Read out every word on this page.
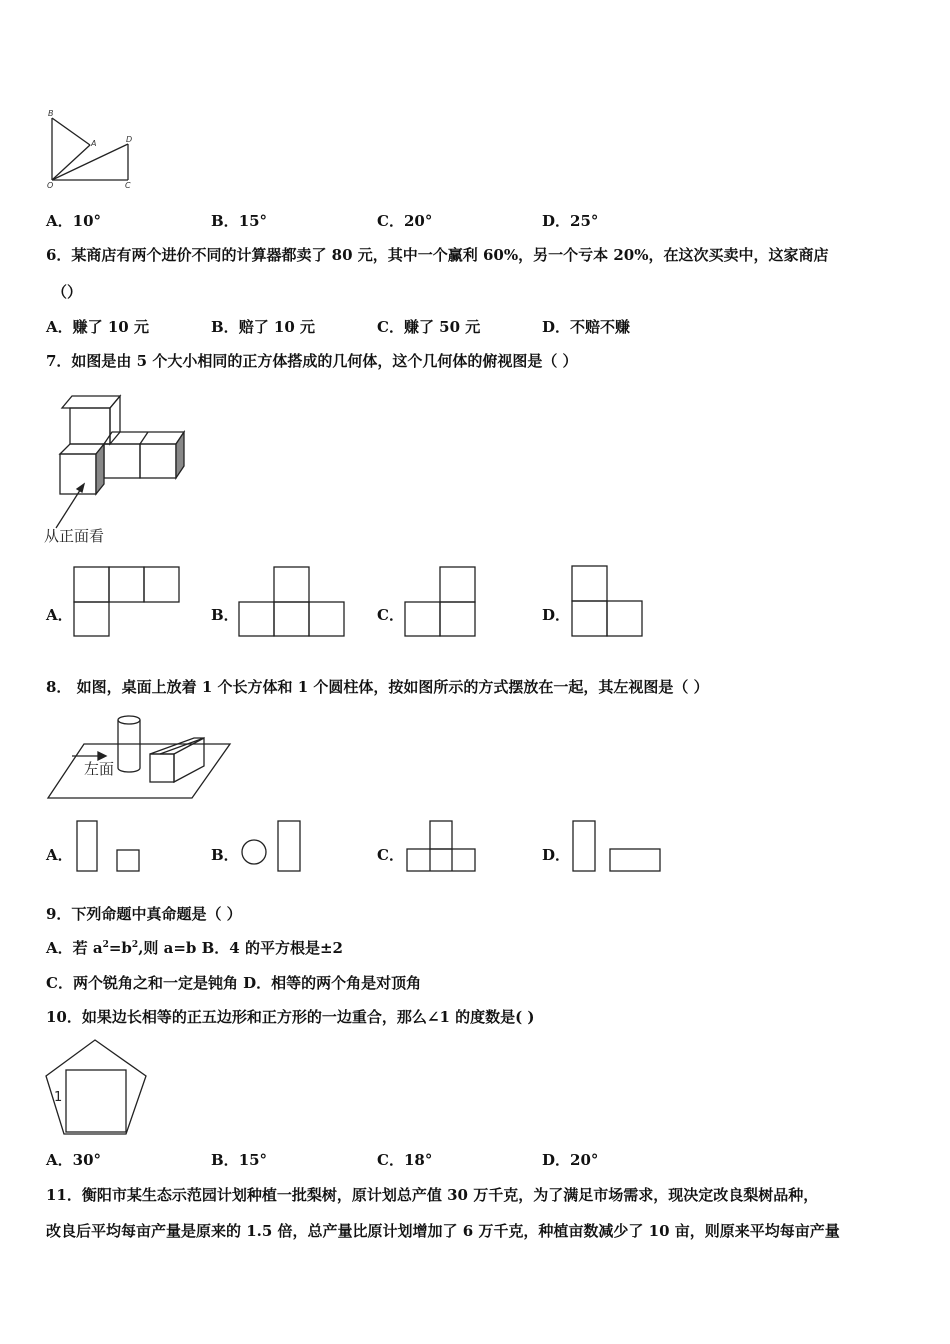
B
A	D
O	C
A．10°	B．15°	C．20°	D．25°
6．某商店有两个进价不同的计算器都卖了 80 元，其中一个赢利 60%，另一个亏本 20%，在这次买卖中，这家商店
（）
A．赚了 10 元	B．赔了 10 元	C．赚了 50 元	D．不赔不赚
7．如图是由 5 个大小相同的正方体搭成的几何体，这个几何体的俯视图是（ ）
从正面看
A．	B．	C．	D．
8． 如图，桌面上放着 1 个长方体和 1 个圆柱体，按如图所示的方式摆放在一起，其左视图是（ ）
左面
A．	B．	C．	D．
9．下列命题中真命题是（ ）
A．若 $a^2=b^2$,则 a=b B．4 的平方根是±2
C．两个锐角之和一定是钝角 D．相等的两个角是对顶角
10．如果边长相等的正五边形和正方形的一边重合，那么∠1 的度数是( )
1
A．30°	B．15°	C．18°	D．20°
11．衡阳市某生态示范园计划种植一批梨树，原计划总产值 30 万千克，为了满足市场需求，现决定改良梨树品种，
改良后平均每亩产量是原来的 1.5 倍，总产量比原计划增加了 6 万千克，种植亩数减少了 10 亩，则原来平均每亩产量
